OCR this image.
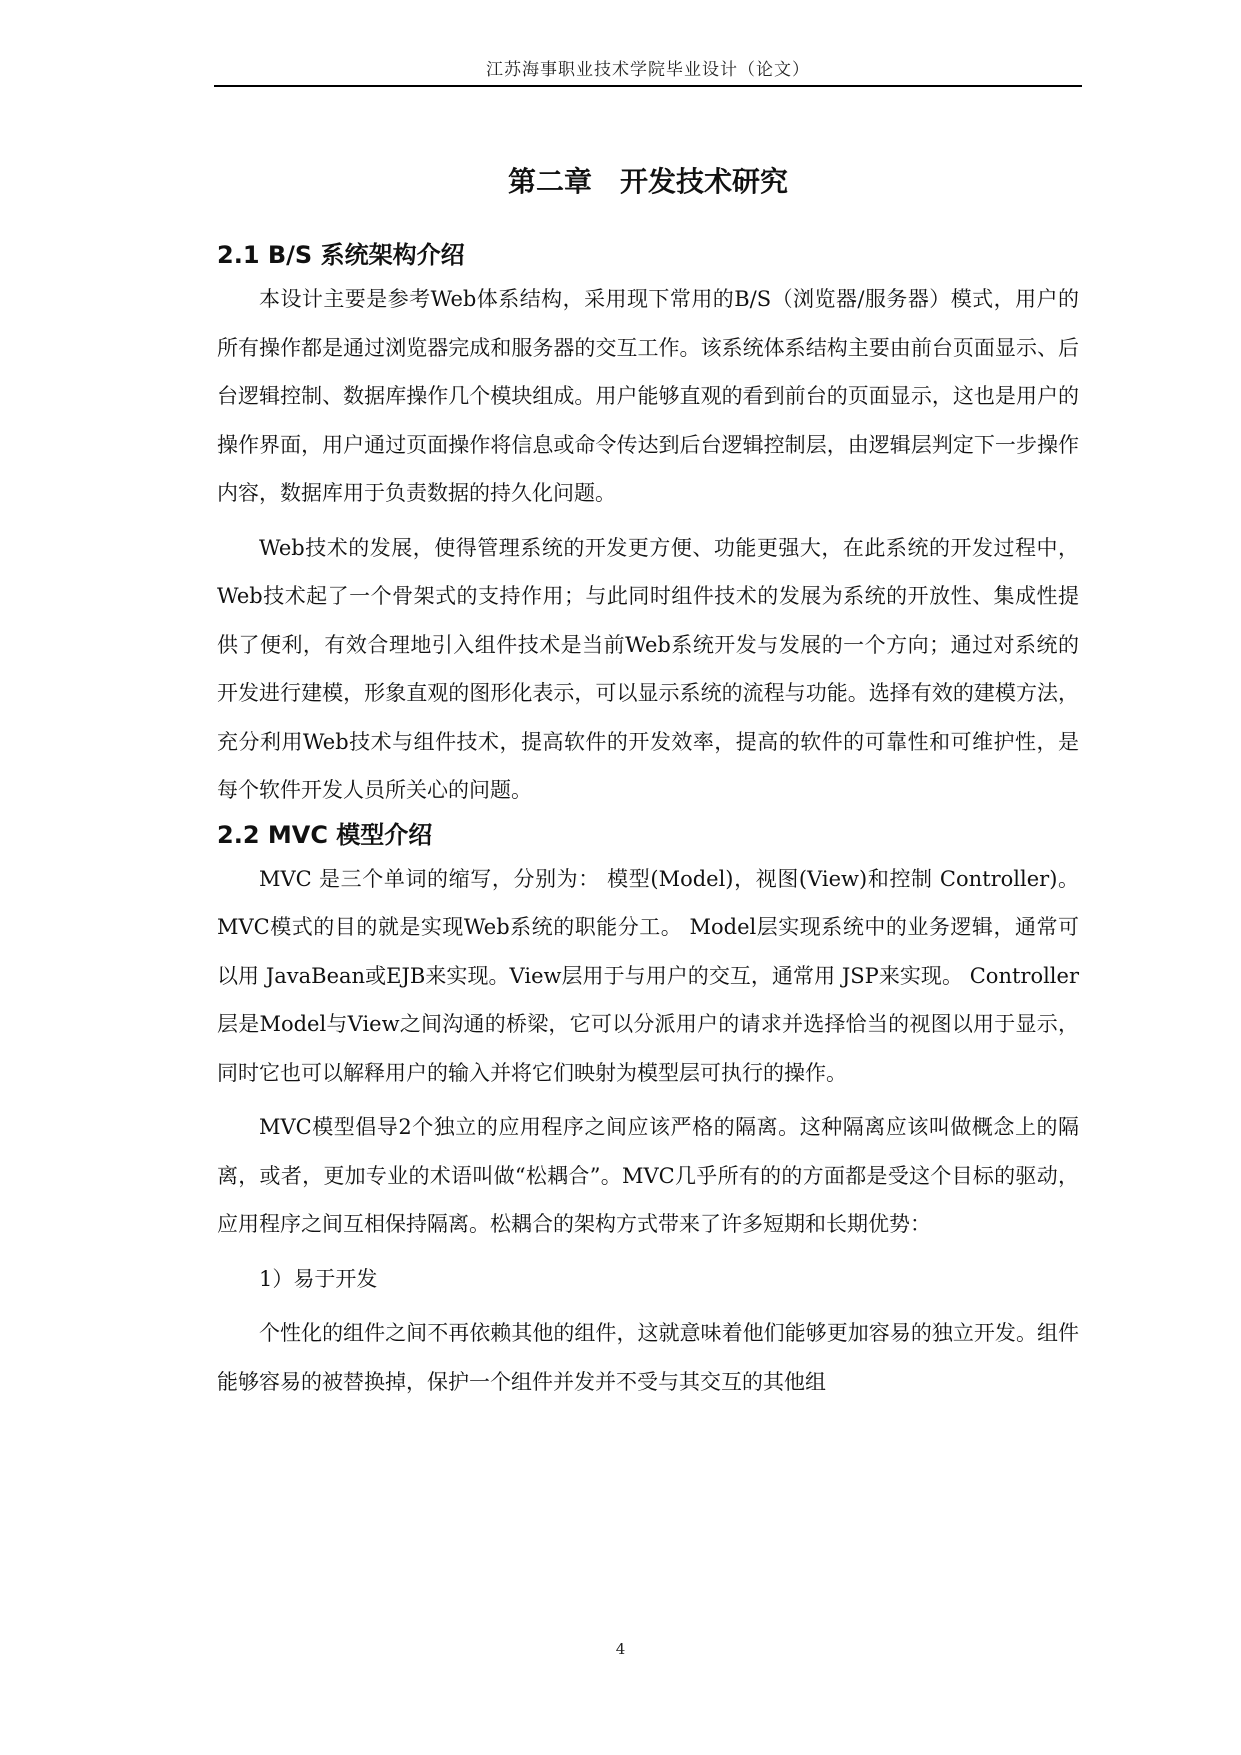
江苏海事职业技术学院毕业设计（论文）
第二章　开发技术研究
2.1 B/S 系统架构介绍

本设计主要是参考Web体系结构，采用现下常用的B/S（浏览器/服务器）模式，用户的所有操作都是通过浏览器完成和服务器的交互工作。该系统体系结构主要由前台页面显示、后台逻辑控制、数据库操作几个模块组成。用户能够直观的看到前台的页面显示，这也是用户的操作界面，用户通过页面操作将信息或命令传达到后台逻辑控制层，由逻辑层判定下一步操作内容，数据库用于负责数据的持久化问题。

Web技术的发展，使得管理系统的开发更方便、功能更强大，在此系统的开发过程中，Web技术起了一个骨架式的支持作用；与此同时组件技术的发展为系统的开放性、集成性提供了便利，有效合理地引入组件技术是当前Web系统开发与发展的一个方向；通过对系统的开发进行建模，形象直观的图形化表示，可以显示系统的流程与功能。选择有效的建模方法，充分利用Web技术与组件技术，提高软件的开发效率，提高的软件的可靠性和可维护性，是每个软件开发人员所关心的问题。

2.2 MVC 模型介绍

MVC 是三个单词的缩写，分别为： 模型(Model)，视图(View)和控制 Controller)。 MVC模式的目的就是实现Web系统的职能分工。 Model层实现系统中的业务逻辑，通常可以用 JavaBean或EJB来实现。View层用于与用户的交互，通常用 JSP来实现。 Controller层是Model与View之间沟通的桥梁，它可以分派用户的请求并选择恰当的视图以用于显示，同时它也可以解释用户的输入并将它们映射为模型层可执行的操作。

MVC模型倡导2个独立的应用程序之间应该严格的隔离。这种隔离应该叫做概念上的隔离，或者，更加专业的术语叫做“松耦合”。MVC几乎所有的的方面都是受这个目标的驱动，应用程序之间互相保持隔离。松耦合的架构方式带来了许多短期和长期优势：

1）易于开发

个性化的组件之间不再依赖其他的组件，这就意味着他们能够更加容易的独立开发。组件能够容易的被替换掉，保护一个组件并发并不受与其交互的其他组

4
